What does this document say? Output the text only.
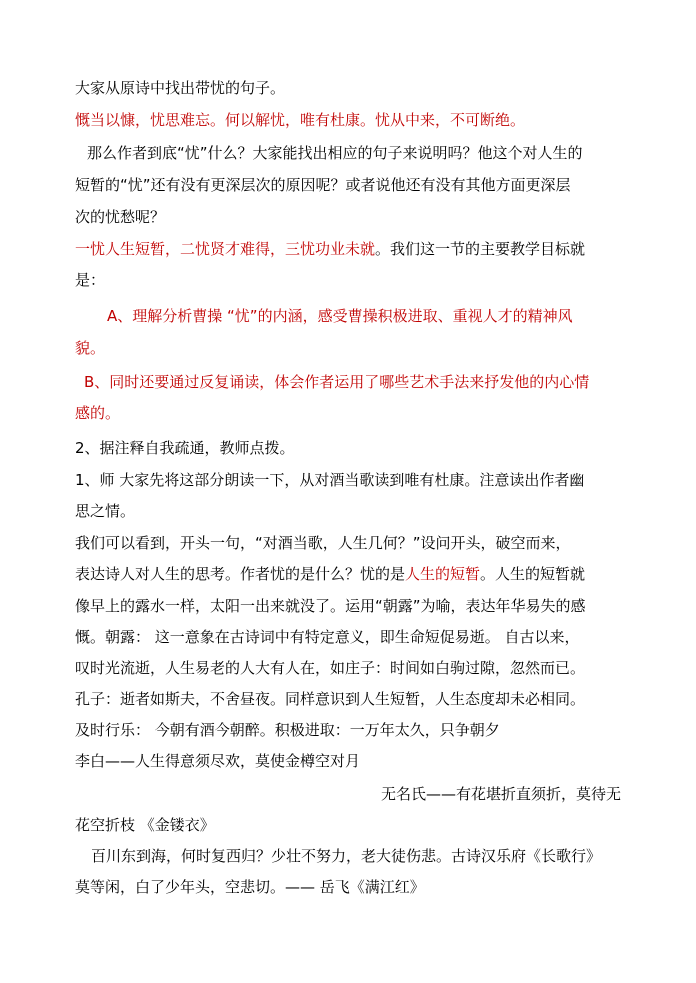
大家从原诗中找出带忧的句子。
慨当以慷，忧思难忘。何以解忧，唯有杜康。忧从中来，不可断绝。
那么作者到底“忧”什么？大家能找出相应的句子来说明吗？他这个对人生的
短暂的“忧”还有没有更深层次的原因呢？或者说他还有没有其他方面更深层
次的忧愁呢？
一忧人生短暂，二忧贤才难得，三忧功业未就。我们这一节的主要教学目标就
是：
A、理解分析曹操 “忧”的内涵，感受曹操积极进取、重视人才的精神风
貌。
B、同时还要通过反复诵读，体会作者运用了哪些艺术手法来抒发他的内心情
感的。
2、据注释自我疏通，教师点拨。
1、师 大家先将这部分朗读一下，从对酒当歌读到唯有杜康。注意读出作者幽
思之情。
我们可以看到，开头一句，“对酒当歌，人生几何？”设问开头，破空而来，
表达诗人对人生的思考。作者忧的是什么？忧的是人生的短暂。人生的短暂就
像早上的露水一样，太阳一出来就没了。运用“朝露”为喻，表达年华易失的感
慨。朝露： 这一意象在古诗词中有特定意义，即生命短促易逝。 自古以来，
叹时光流逝，人生易老的人大有人在，如庄子：时间如白驹过隙，忽然而已。
孔子：逝者如斯夫，不舍昼夜。同样意识到人生短暂，人生态度却未必相同。
及时行乐： 今朝有酒今朝醉。积极进取：一万年太久，只争朝夕
李白——人生得意须尽欢，莫使金樽空对月
无名氏——有花堪折直须折，莫待无
花空折枝 《金镂衣》
百川东到海，何时复西归？少壮不努力，老大徒伤悲。古诗汉乐府《长歌行》
莫等闲，白了少年头，空悲切。—— 岳飞《满江红》
